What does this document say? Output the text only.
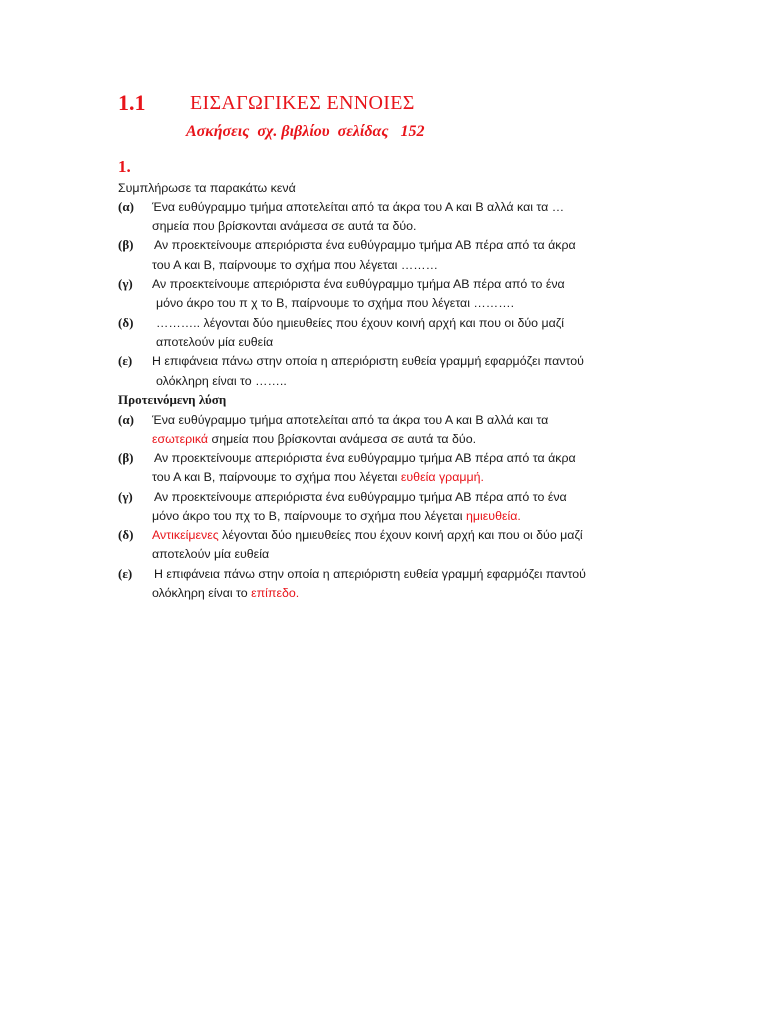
1.1 ΕΙΣΑΓΩΓΙΚΕΣ ΕΝΝΟΙΕΣ
Ασκήσεις  σχ. βιβλίου  σελίδας   152
1.
Συμπλήρωσε τα παρακάτω κενά
(α) Ένα ευθύγραμμο τμήμα αποτελείται από τα άκρα του Α και Β αλλά και τα …
σημεία που βρίσκονται ανάμεσα σε αυτά τα δύο.
(β) Αν προεκτείνουμε απεριόριστα ένα ευθύγραμμο τμήμα ΑΒ πέρα από τα άκρα
του Α και Β, παίρνουμε το σχήμα που λέγεται ………
(γ) Αν προεκτείνουμε απεριόριστα ένα ευθύγραμμο τμήμα ΑΒ πέρα από το ένα
μόνο άκρο του π χ το Β, παίρνουμε το σχήμα που λέγεται ……….
(δ) ……….. λέγονται δύο ημιευθείες που έχουν κοινή αρχή και που οι δύο μαζί
αποτελούν μία ευθεία
(ε) Η επιφάνεια πάνω στην οποία η απεριόριστη ευθεία γραμμή εφαρμόζει παντού
ολόκληρη είναι το ……..
Προτεινόμενη λύση
(α) Ένα ευθύγραμμο τμήμα αποτελείται από τα άκρα του Α και Β αλλά και τα
εσωτερικά σημεία που βρίσκονται ανάμεσα σε αυτά τα δύο.
(β) Αν προεκτείνουμε απεριόριστα ένα ευθύγραμμο τμήμα ΑΒ πέρα από τα άκρα
του Α και Β, παίρνουμε το σχήμα που λέγεται ευθεία γραμμή.
(γ) Αν προεκτείνουμε απεριόριστα ένα ευθύγραμμο τμήμα ΑΒ πέρα από το ένα
μόνο άκρο του πχ το Β, παίρνουμε το σχήμα που λέγεται ημιευθεία.
(δ) Αντικείμενες λέγονται δύο ημιευθείες που έχουν κοινή αρχή και που οι δύο μαζί
αποτελούν μία ευθεία
(ε) Η επιφάνεια πάνω στην οποία η απεριόριστη ευθεία γραμμή εφαρμόζει παντού
ολόκληρη είναι το επίπεδο.
